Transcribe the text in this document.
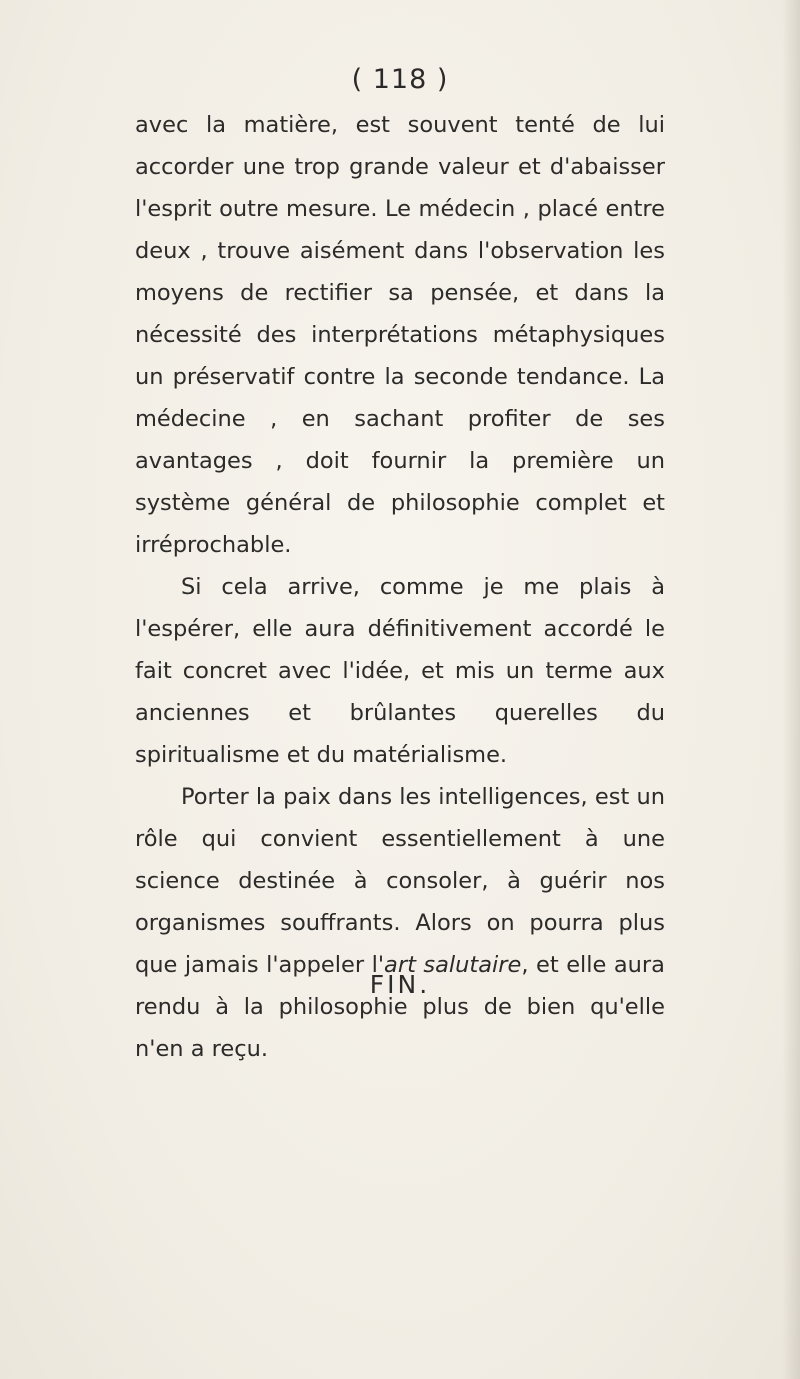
( 118 )

avec la matière, est souvent tenté de lui accorder une trop grande valeur et d'abaisser l'esprit outre mesure. Le médecin , placé entre deux , trouve aisément dans l'observation les moyens de rectifier sa pensée, et dans la nécessité des interprétations métaphysiques un préservatif contre la seconde tendance. La médecine , en sachant profiter de ses avantages , doit fournir la première un système général de philosophie complet et irréprochable.

Si cela arrive, comme je me plais à l'espérer, elle aura définitivement accordé le fait concret avec l'idée, et mis un terme aux anciennes et brûlantes querelles du spiritualisme et du matérialisme.

Porter la paix dans les intelligences, est un rôle qui convient essentiellement à une science destinée à consoler, à guérir nos organismes souffrants. Alors on pourra plus que jamais l'appeler l'art salutaire, et elle aura rendu à la philosophie plus de bien qu'elle n'en a reçu.

FIN.
